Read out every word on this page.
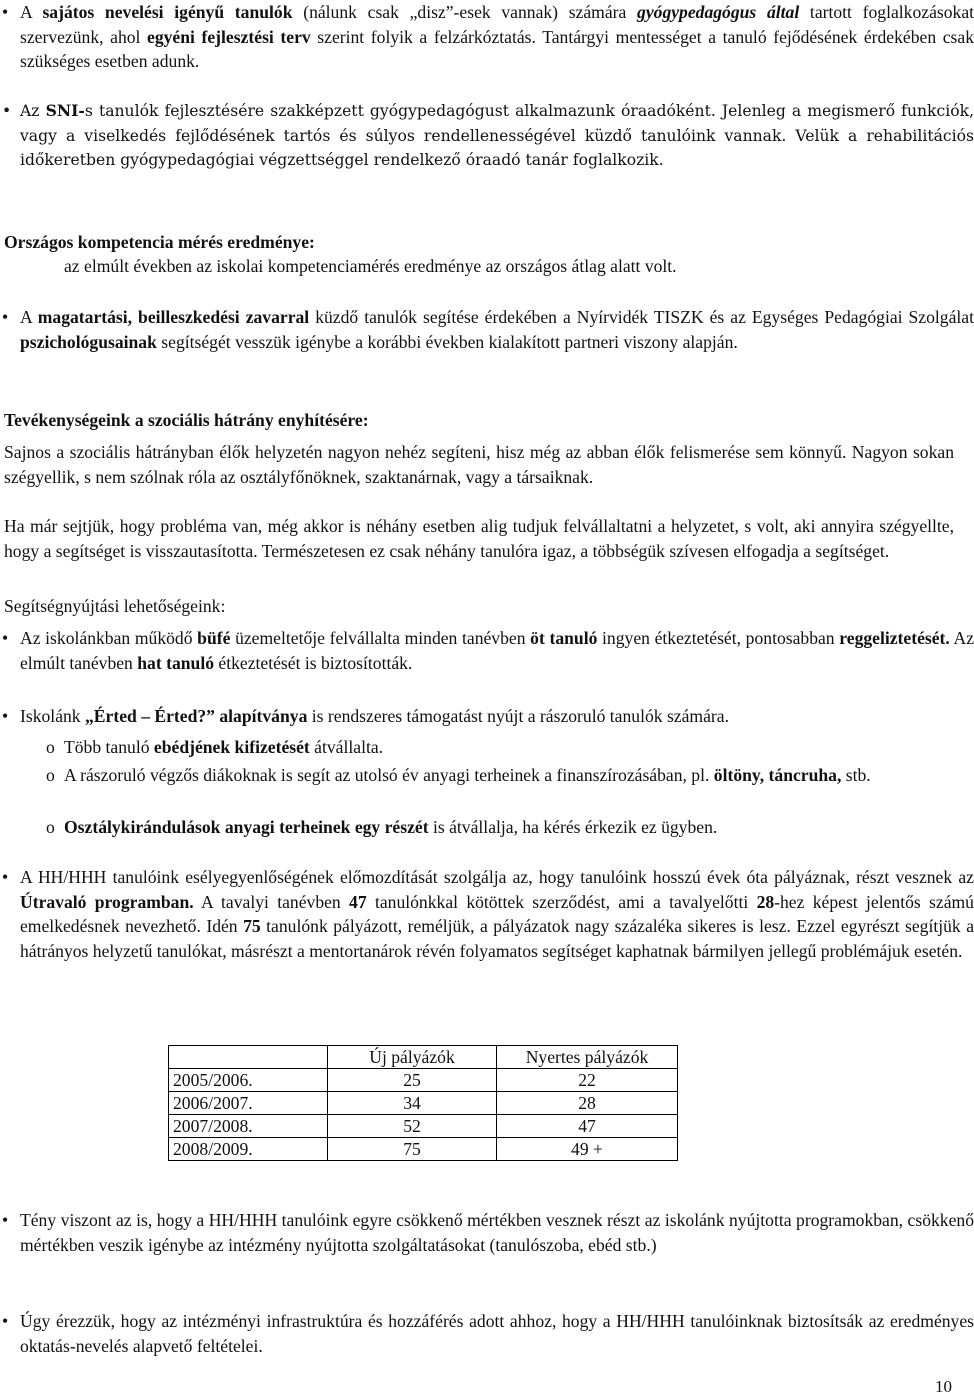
• A sajátos nevelési igényű tanulók (nálunk csak „disz”-esek vannak) számára gyógypedagógus által tartott foglalkozásokat szervezünk, ahol egyéni fejlesztési terv szerint folyik a felzárkóztatás. Tantárgyi mentességet a tanuló fejődésének érdekében csak szükséges esetben adunk.
• Az SNI-s tanulók fejlesztésére szakképzett gyógypedagógust alkalmazunk óraadóként. Jelenleg a megismerő funkciók, vagy a viselkedés fejlődésének tartós és súlyos rendellenességével küzdő tanulóink vannak. Velük a rehabilitációs időkeretben gyógypedagógiai végzettséggel rendelkező óraadó tanár foglalkozik.
Országos kompetencia mérés eredménye:
az elmúlt években az iskolai kompetenciamérés eredménye az országos átlag alatt volt.
• A magatartási, beilleszkedési zavarral küzdő tanulók segítése érdekében a Nyírvidék TISZK és az Egységes Pedagógiai Szolgálat pszichológusainak segítségét vesszük igénybe a korábbi években kialakított partneri viszony alapján.
Tevékenységeink a szociális hátrány enyhítésére:
Sajnos a szociális hátrányban élők helyzetén nagyon nehéz segíteni, hisz még az abban élők felismerése sem könnyű. Nagyon sokan szégyellik, s nem szólnak róla az osztályfőnöknek, szaktanárnak, vagy a társaiknak.
Ha már sejtjük, hogy probléma van, még akkor is néhány esetben alig tudjuk felvállaltatni a helyzetet, s volt, aki annyira szégyellte, hogy a segítséget is visszautasította. Természetesen ez csak néhány tanulóra igaz, a többségük szívesen elfogadja a segítséget.
Segítségnyújtási lehetőségeink:
• Az iskolánkban működő büfé üzemeltetője felvállalta minden tanévben öt tanuló ingyen étkeztetését, pontosabban reggeliztetését. Az elmúlt tanévben hat tanuló étkeztetését is biztosították.
• Iskolánk „Érted – Érted?” alapítványa is rendszeres támogatást nyújt a rászoruló tanulók számára.
o Több tanuló ebédjének kifizetését átvállalta.
o A rászoruló végzős diákoknak is segít az utolsó év anyagi terheinek a finanszírozásában, pl. öltöny, táncruha, stb.
o Osztálykirándulások anyagi terheinek egy részét is átvállalja, ha kérés érkezik ez ügyben.
• A HH/HHH tanulóink esélyegyenlőségének előmozdítását szolgálja az, hogy tanulóink hosszú évek óta pályáznak, részt vesznek az Útravaló programban. A tavalyi tanévben 47 tanulónkkal kötöttek szerződést, ami a tavalyelőtti 28-hez képest jelentős számú emelkedésnek nevezhető. Idén 75 tanulónk pályázott, reméljük, a pályázatok nagy százaléka sikeres is lesz. Ezzel egyrészt segítjük a hátrányos helyzetű tanulókat, másrészt a mentortanárok révén folyamatos segítséget kaphatnak bármilyen jellegű problémájuk esetén.
	Új pályázók	Nyertes pályázók
2005/2006.	25	22
2006/2007.	34	28
2007/2008.	52	47
2008/2009.	75	49 +
• Tény viszont az is, hogy a HH/HHH tanulóink egyre csökkenő mértékben vesznek részt az iskolánk nyújtotta programokban, csökkenő mértékben veszik igénybe az intézmény nyújtotta szolgáltatásokat (tanulószoba, ebéd stb.)
• Úgy érezzük, hogy az intézményi infrastruktúra és hozzáférés adott ahhoz, hogy a HH/HHH tanulóinknak biztosítsák az eredményes oktatás-nevelés alapvető feltételei.
10
